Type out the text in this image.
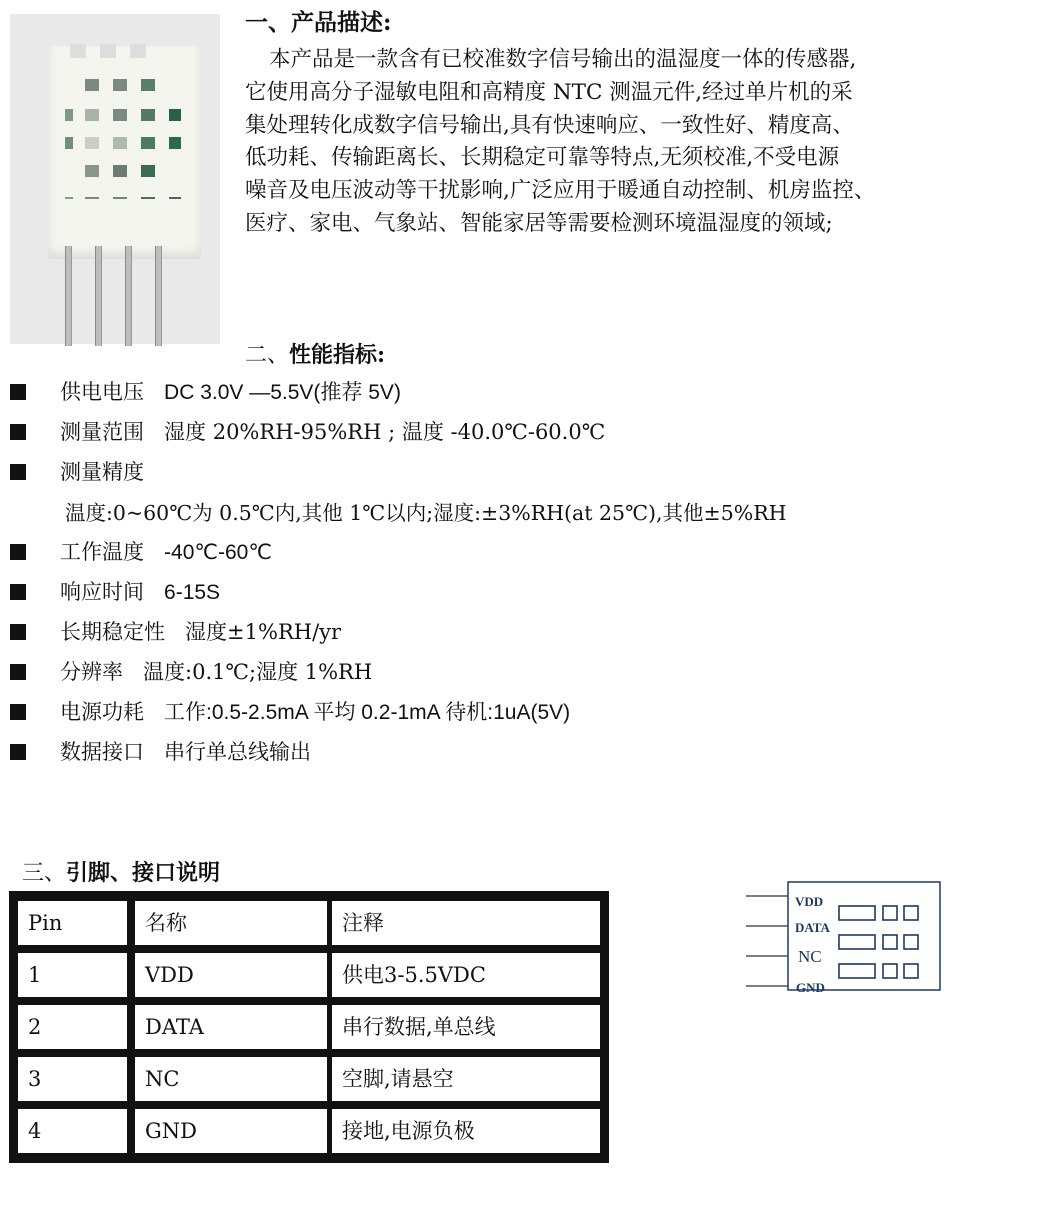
一、产品描述:

本产品是一款含有已校准数字信号输出的温湿度一体的传感器,

它使用高分子湿敏电阻和高精度 NTC 测温元件,经过单片机的采

集处理转化成数字信号输出,具有快速响应、一致性好、精度高、

低功耗、传输距离长、长期稳定可靠等特点,无须校准,不受电源

噪音及电压波动等干扰影响,广泛应用于暖通自动控制、机房监控、

医疗、家电、气象站、智能家居等需要检测环境温湿度的领域;

二、性能指标:
供电电压 DC 3.0V —5.5V(推荐 5V)
测量范围 湿度 20%RH-95%RH ; 温度 -40.0℃-60.0℃
测量精度
温度:0~60℃为 0.5℃内,其他 1℃以内;湿度:±3%RH(at 25℃),其他±5%RH
工作温度 -40℃-60℃
响应时间 6-15S
长期稳定性 湿度±1%RH/yr
分辨率 温度:0.1℃;湿度 1%RH
电源功耗 工作:0.5-2.5mA 平均 0.2-1mA 待机:1uA(5V)
数据接口 串行单总线输出
三、引脚、接口说明
Pin	名称	注释
1	VDD	供电3-5.5VDC
2	DATA	串行数据,单总线
3	NC	空脚,请悬空
4	GND	接地,电源负极
VDD
DATA
NC
GND
